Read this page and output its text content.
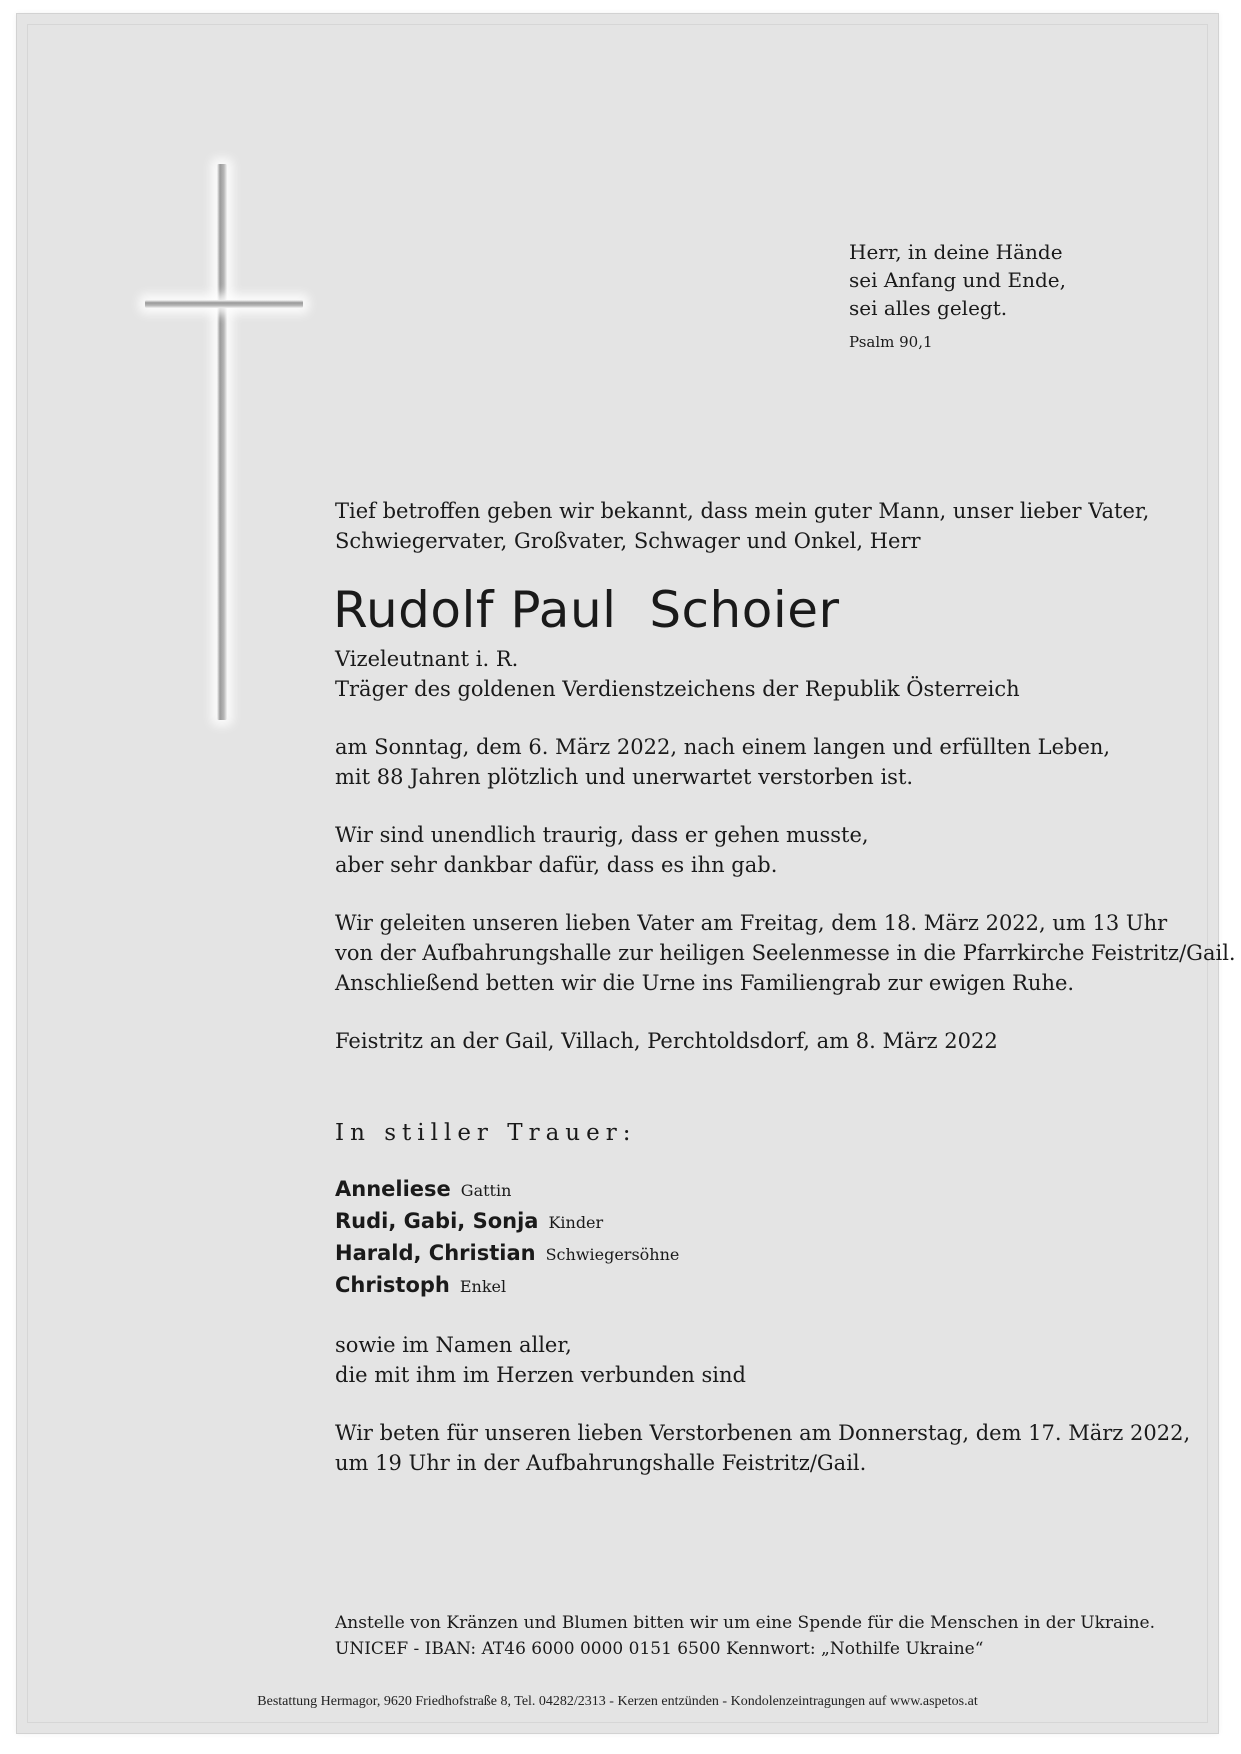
Herr, in deine Hände
sei Anfang und Ende,
sei alles gelegt.
Psalm 90,1

Tief betroffen geben wir bekannt, dass mein guter Mann, unser lieber Vater,
Schwiegervater, Großvater, Schwager und Onkel, Herr

Rudolf Paul  Schoier

Vizeleutnant i. R.
Träger des goldenen Verdienstzeichens der Republik Österreich

am Sonntag, dem 6. März 2022, nach einem langen und erfüllten Leben,
mit 88 Jahren plötzlich und unerwartet verstorben ist.

Wir sind unendlich traurig, dass er gehen musste,
aber sehr dankbar dafür, dass es ihn gab.

Wir geleiten unseren lieben Vater am Freitag, dem 18. März 2022, um 13 Uhr
von der Aufbahrungshalle zur heiligen Seelenmesse in die Pfarrkirche Feistritz/Gail.
Anschließend betten wir die Urne ins Familiengrab zur ewigen Ruhe.

Feistritz an der Gail, Villach, Perchtoldsdorf, am 8. März 2022

In stiller Trauer:
Anneliese Gattin
Rudi, Gabi, Sonja Kinder
Harald, Christian Schwiegersöhne
Christoph Enkel

sowie im Namen aller,
die mit ihm im Herzen verbunden sind

Wir beten für unseren lieben Verstorbenen am Donnerstag, dem 17. März 2022,
um 19 Uhr in der Aufbahrungshalle Feistritz/Gail.

Anstelle von Kränzen und Blumen bitten wir um eine Spende für die Menschen in der Ukraine.
UNICEF - IBAN: AT46 6000 0000 0151 6500 Kennwort: „Nothilfe Ukraine“
Bestattung Hermagor, 9620 Friedhofstraße 8, Tel. 04282/2313 - Kerzen entzünden - Kondolenzeintragungen auf www.aspetos.at
